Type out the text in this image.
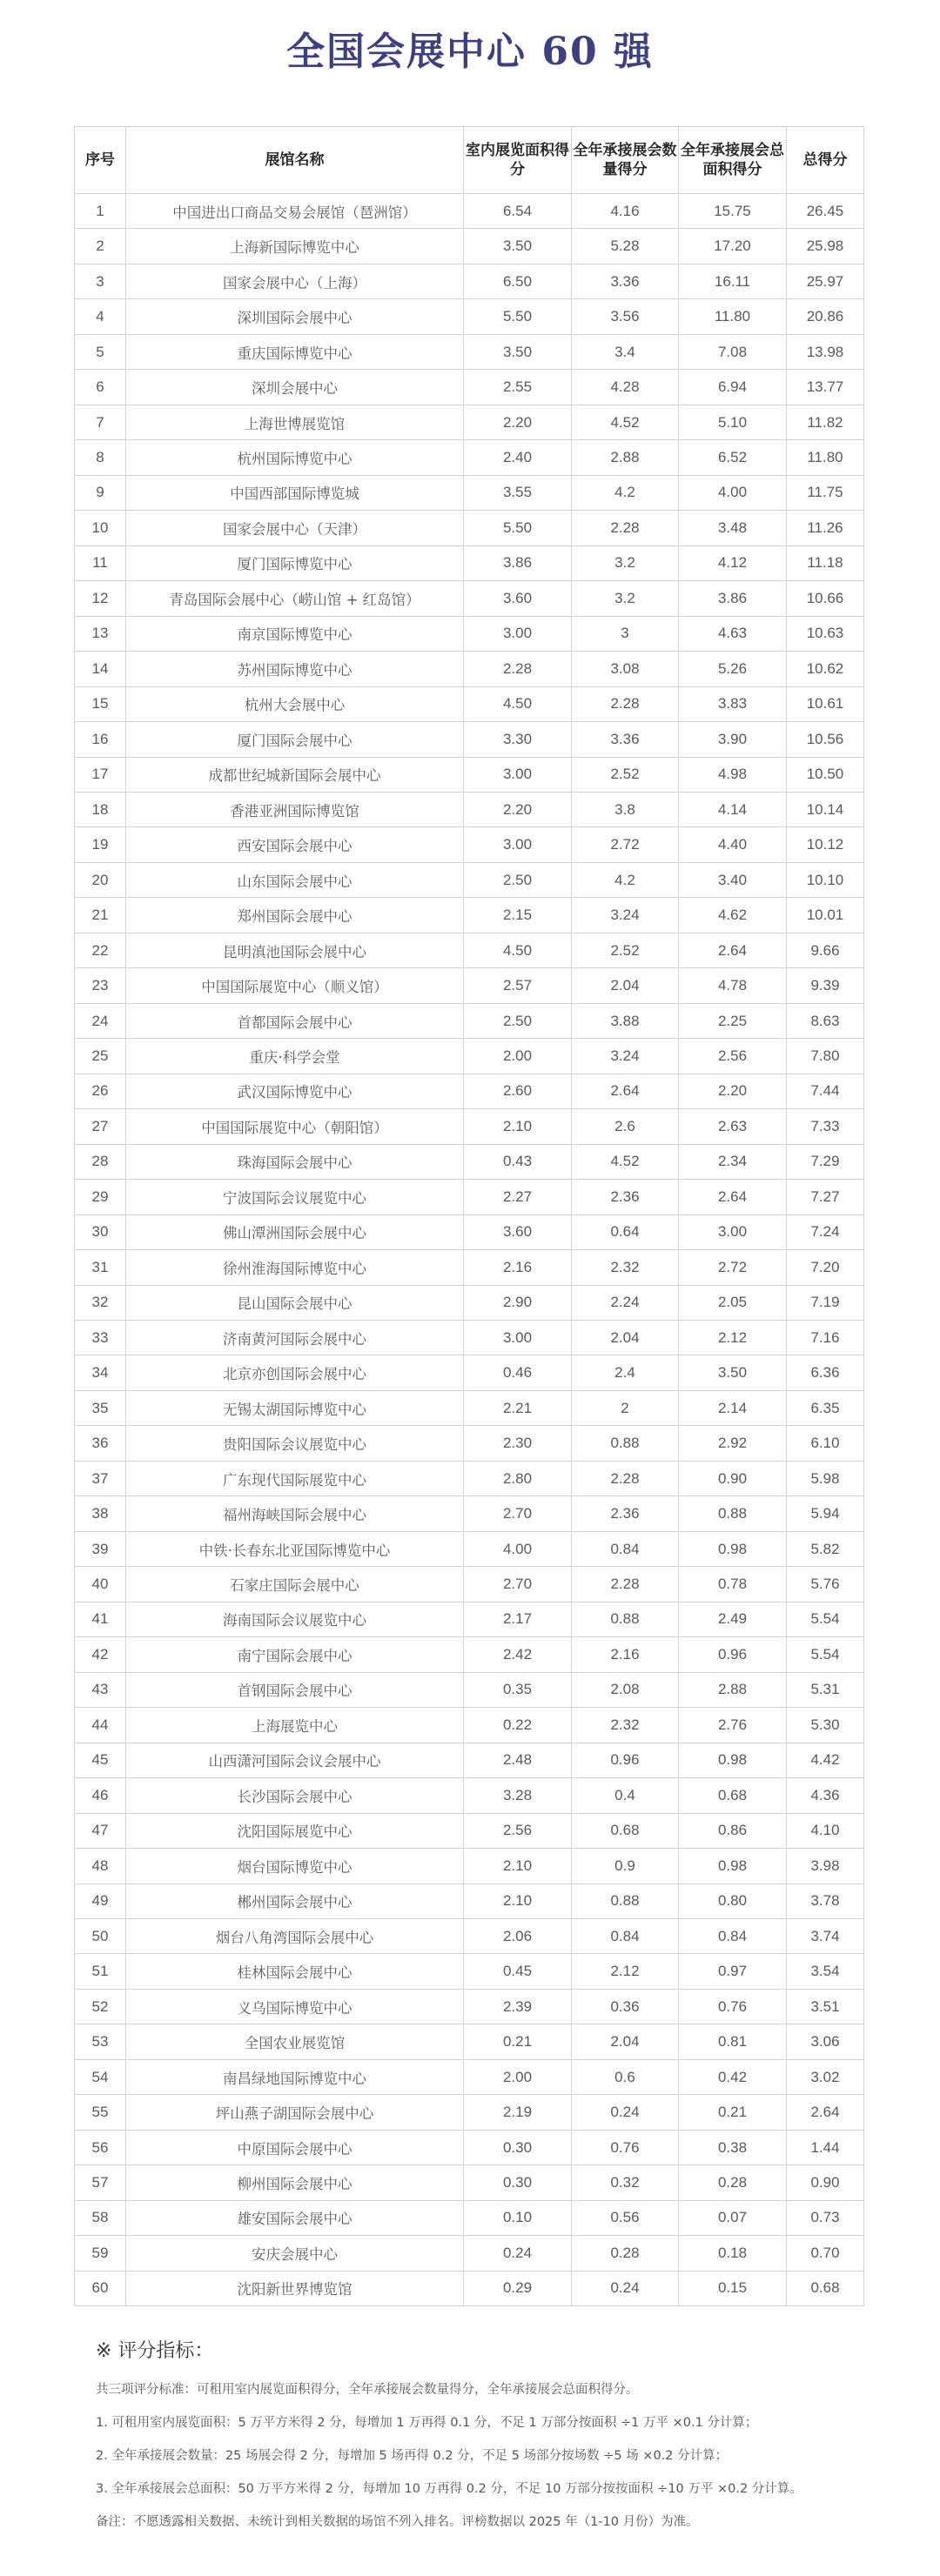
全国会展中心 60 强
序号	展馆名称	室内展览面积得分	全年承接展会数量得分	全年承接展会总面积得分	总得分
1	中国进出口商品交易会展馆（琶洲馆）	6.54	4.16	15.75	26.45
2	上海新国际博览中心	3.50	5.28	17.20	25.98
3	国家会展中心（上海）	6.50	3.36	16.11	25.97
4	深圳国际会展中心	5.50	3.56	11.80	20.86
5	重庆国际博览中心	3.50	3.4	7.08	13.98
6	深圳会展中心	2.55	4.28	6.94	13.77
7	上海世博展览馆	2.20	4.52	5.10	11.82
8	杭州国际博览中心	2.40	2.88	6.52	11.80
9	中国西部国际博览城	3.55	4.2	4.00	11.75
10	国家会展中心（天津）	5.50	2.28	3.48	11.26
11	厦门国际博览中心	3.86	3.2	4.12	11.18
12	青岛国际会展中心（崂山馆 + 红岛馆）	3.60	3.2	3.86	10.66
13	南京国际博览中心	3.00	3	4.63	10.63
14	苏州国际博览中心	2.28	3.08	5.26	10.62
15	杭州大会展中心	4.50	2.28	3.83	10.61
16	厦门国际会展中心	3.30	3.36	3.90	10.56
17	成都世纪城新国际会展中心	3.00	2.52	4.98	10.50
18	香港亚洲国际博览馆	2.20	3.8	4.14	10.14
19	西安国际会展中心	3.00	2.72	4.40	10.12
20	山东国际会展中心	2.50	4.2	3.40	10.10
21	郑州国际会展中心	2.15	3.24	4.62	10.01
22	昆明滇池国际会展中心	4.50	2.52	2.64	9.66
23	中国国际展览中心（顺义馆）	2.57	2.04	4.78	9.39
24	首都国际会展中心	2.50	3.88	2.25	8.63
25	重庆·科学会堂	2.00	3.24	2.56	7.80
26	武汉国际博览中心	2.60	2.64	2.20	7.44
27	中国国际展览中心（朝阳馆）	2.10	2.6	2.63	7.33
28	珠海国际会展中心	0.43	4.52	2.34	7.29
29	宁波国际会议展览中心	2.27	2.36	2.64	7.27
30	佛山潭洲国际会展中心	3.60	0.64	3.00	7.24
31	徐州淮海国际博览中心	2.16	2.32	2.72	7.20
32	昆山国际会展中心	2.90	2.24	2.05	7.19
33	济南黄河国际会展中心	3.00	2.04	2.12	7.16
34	北京亦创国际会展中心	0.46	2.4	3.50	6.36
35	无锡太湖国际博览中心	2.21	2	2.14	6.35
36	贵阳国际会议展览中心	2.30	0.88	2.92	6.10
37	广东现代国际展览中心	2.80	2.28	0.90	5.98
38	福州海峡国际会展中心	2.70	2.36	0.88	5.94
39	中铁·长春东北亚国际博览中心	4.00	0.84	0.98	5.82
40	石家庄国际会展中心	2.70	2.28	0.78	5.76
41	海南国际会议展览中心	2.17	0.88	2.49	5.54
42	南宁国际会展中心	2.42	2.16	0.96	5.54
43	首钢国际会展中心	0.35	2.08	2.88	5.31
44	上海展览中心	0.22	2.32	2.76	5.30
45	山西潇河国际会议会展中心	2.48	0.96	0.98	4.42
46	长沙国际会展中心	3.28	0.4	0.68	4.36
47	沈阳国际展览中心	2.56	0.68	0.86	4.10
48	烟台国际博览中心	2.10	0.9	0.98	3.98
49	郴州国际会展中心	2.10	0.88	0.80	3.78
50	烟台八角湾国际会展中心	2.06	0.84	0.84	3.74
51	桂林国际会展中心	0.45	2.12	0.97	3.54
52	义乌国际博览中心	2.39	0.36	0.76	3.51
53	全国农业展览馆	0.21	2.04	0.81	3.06
54	南昌绿地国际博览中心	2.00	0.6	0.42	3.02
55	坪山燕子湖国际会展中心	2.19	0.24	0.21	2.64
56	中原国际会展中心	0.30	0.76	0.38	1.44
57	柳州国际会展中心	0.30	0.32	0.28	0.90
58	雄安国际会展中心	0.10	0.56	0.07	0.73
59	安庆会展中心	0.24	0.28	0.18	0.70
60	沈阳新世界博览馆	0.29	0.24	0.15	0.68
※ 评分指标：

共三项评分标准：可租用室内展览面积得分，全年承接展会数量得分，全年承接展会总面积得分。

1. 可租用室内展览面积：5 万平方米得 2 分，每增加 1 万再得 0.1 分，不足 1 万部分按面积 ÷1 万平 ×0.1 分计算；

2. 全年承接展会数量：25 场展会得 2 分，每增加 5 场再得 0.2 分，不足 5 场部分按场数 ÷5 场 ×0.2 分计算；

3. 全年承接展会总面积：50 万平方米得 2 分，每增加 10 万再得 0.2 分，不足 10 万部分按按面积 ÷10 万平 ×0.2 分计算。

备注：不愿透露相关数据、未统计到相关数据的场馆不列入排名。评榜数据以 2025 年（1-10 月份）为准。
